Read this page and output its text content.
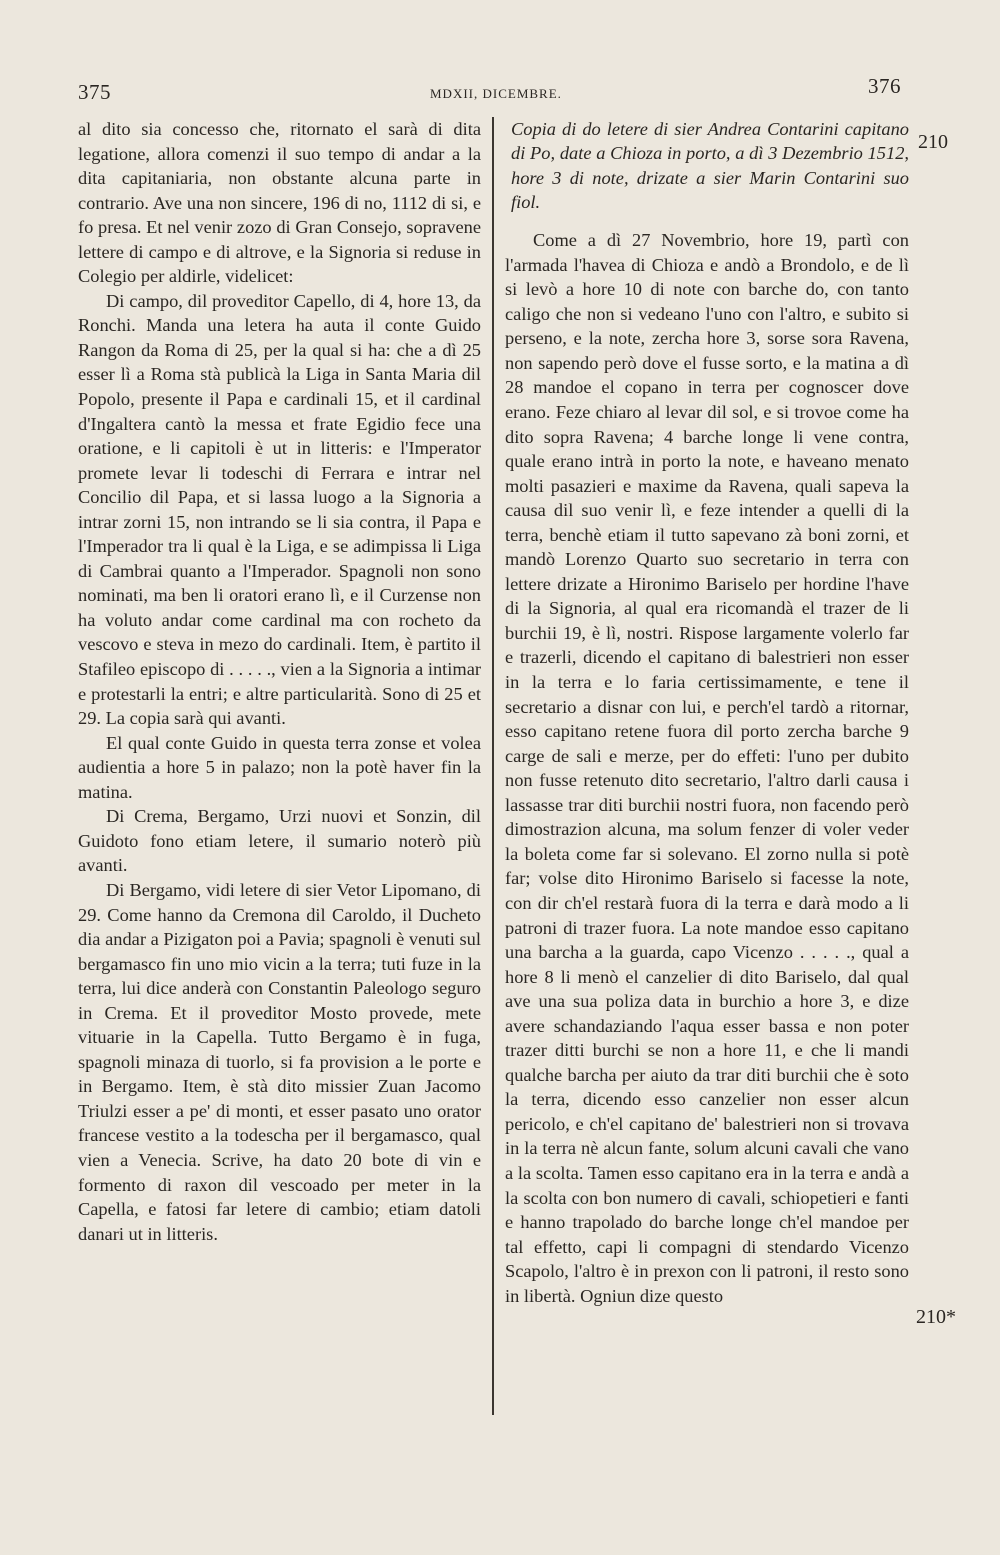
375	MDXII, DICEMBRE.	376

al dito sia concesso che, ritornato el sarà di dita legatione, allora comenzi il suo tempo di andar a la dita capitaniaria, non obstante alcuna parte in contrario. Ave una non sincere, 196 di no, 1112 di si, e fo presa. Et nel venir zozo di Gran Consejo, sopravene lettere di campo e di altrove, e la Signoria si reduse in Colegio per aldirle, videlicet:

Di campo, dil proveditor Capello, di 4, hore 13, da Ronchi. Manda una letera ha auta il conte Guido Rangon da Roma di 25, per la qual si ha: che a dì 25 esser lì a Roma stà publicà la Liga in Santa Maria dil Popolo, presente il Papa e cardinali 15, et il cardinal d'Ingaltera cantò la messa et frate Egidio fece una oratione, e li capitoli è ut in litteris: e l'Imperator promete levar li todeschi di Ferrara e intrar nel Concilio dil Papa, et si lassa luogo a la Signoria a intrar zorni 15, non intrando se li sia contra, il Papa e l'Imperador tra li qual è la Liga, e se adimpissa li Liga di Cambrai quanto a l'Imperador. Spagnoli non sono nominati, ma ben li oratori erano lì, e il Curzense non ha voluto andar come cardinal ma con rocheto da vescovo e steva in mezo do cardinali. Item, è partito il Stafileo episcopo di . . . . ., vien a la Signoria a intimar e protestarli la entri; e altre particularità. Sono di 25 et 29. La copia sarà qui avanti.

El qual conte Guido in questa terra zonse et volea audientia a hore 5 in palazo; non la potè haver fin la matina.

Di Crema, Bergamo, Urzi nuovi et Sonzin, dil Guidoto fono etiam letere, il sumario noterò più avanti.

Di Bergamo, vidi letere di sier Vetor Lipomano, di 29. Come hanno da Cremona dil Caroldo, il Ducheto dia andar a Pizigaton poi a Pavia; spagnoli è venuti sul bergamasco fin uno mio vicin a la terra; tuti fuze in la terra, lui dice anderà con Constantin Paleologo seguro in Crema. Et il proveditor Mosto provede, mete vituarie in la Capella. Tutto Bergamo è in fuga, spagnoli minaza di tuorlo, si fa provision a le porte e in Bergamo. Item, è stà dito missier Zuan Jacomo Triulzi esser a pe' di monti, et esser pasato uno orator francese vestito a la todescha per il bergamasco, qual vien a Venecia. Scrive, ha dato 20 bote di vin e formento di raxon dil vescoado per meter in la Capella, e fatosi far letere di cambio; etiam datoli danari ut in litteris.

Copia di do letere di sier Andrea Contarini capitano di Po, date a Chioza in porto, a dì 3 Dezembrio 1512, hore 3 di note, drizate a sier Marin Contarini suo fiol.

Come a dì 27 Novembrio, hore 19, partì con l'armada l'havea di Chioza e andò a Brondolo, e de lì si levò a hore 10 di note con barche do, con tanto caligo che non si vedeano l'uno con l'altro, e subito si perseno, e la note, zercha hore 3, sorse sora Ravena, non sapendo però dove el fusse sorto, e la matina a dì 28 mandoe el copano in terra per cognoscer dove erano. Feze chiaro al levar dil sol, e si trovoe come ha dito sopra Ravena; 4 barche longe li vene contra, quale erano intrà in porto la note, e haveano menato molti pasazieri e maxime da Ravena, quali sapeva la causa dil suo venir lì, e feze intender a quelli di la terra, benchè etiam il tutto sapevano zà boni zorni, et mandò Lorenzo Quarto suo secretario in terra con lettere drizate a Hironimo Bariselo per hordine l'have di la Signoria, al qual era ricomandà el trazer de li burchii 19, è lì, nostri. Rispose largamente volerlo far e trazerli, dicendo el capitano di balestrieri non esser in la terra e lo faria certissimamente, e tene il secretario a disnar con lui, e perch'el tardò a ritornar, esso capitano retene fuora dil porto zercha barche 9 carge de sali e merze, per do effeti: l'uno per dubito non fusse retenuto dito secretario, l'altro darli causa i lassasse trar diti burchii nostri fuora, non facendo però dimostrazion alcuna, ma solum fenzer di voler veder la boleta come far si solevano. El zorno nulla si potè far; volse dito Hironimo Bariselo si facesse la note, con dir ch'el restarà fuora di la terra e darà modo a li patroni di trazer fuora. La note mandoe esso capitano una barcha a la guarda, capo Vicenzo . . . . ., qual a hore 8 li menò el canzelier di dito Bariselo, dal qual ave una sua poliza data in burchio a hore 3, e dize avere schandaziando l'aqua esser bassa e non poter trazer ditti burchi se non a hore 11, e che li mandi qualche barcha per aiuto da trar diti burchii che è soto la terra, dicendo esso canzelier non esser alcun pericolo, e ch'el capitano de' balestrieri non si trovava in la terra nè alcun fante, solum alcuni cavali che vano a la scolta. Tamen esso capitano era in la terra e andà a la scolta con bon numero di cavali, schiopetieri e fanti e hanno trapolado do barche longe ch'el mandoe per tal effetto, capi li compagni di stendardo Vicenzo Scapolo, l'altro è in prexon con li patroni, il resto sono in libertà. Ogniun dize questo

210
210*
